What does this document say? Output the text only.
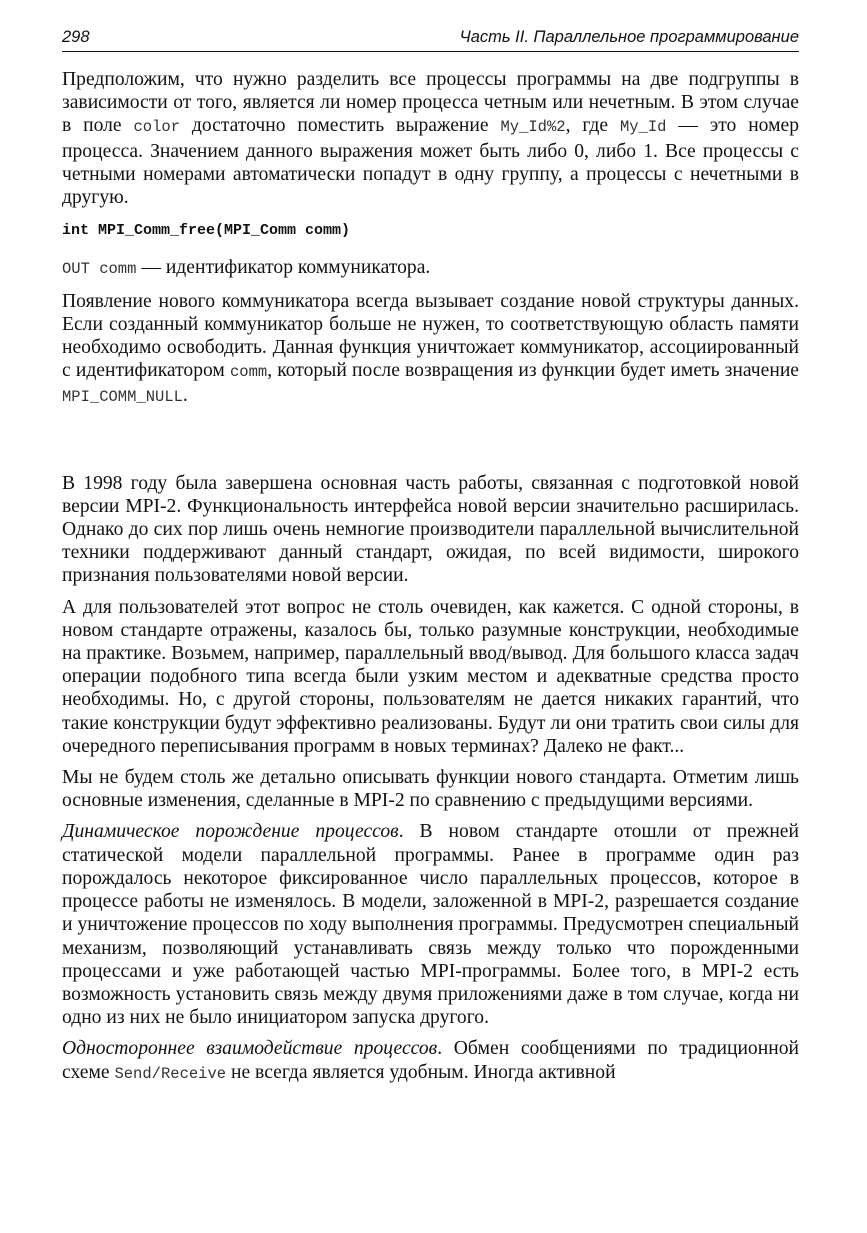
298	Часть II. Параллельное программирование

Предположим, что нужно разделить все процессы программы на две подгруппы в зависимости от того, является ли номер процесса четным или нечетным. В этом случае в поле color достаточно поместить выражение My_Id%2, где My_Id — это номер процесса. Значением данного выражения может быть либо 0, либо 1. Все процессы с четными номерами автоматически попадут в одну группу, а процессы с нечетными в другую.

int MPI_Comm_free(MPI_Comm comm)

OUT comm — идентификатор коммуникатора.

Появление нового коммуникатора всегда вызывает создание новой структуры данных. Если созданный коммуникатор больше не нужен, то соответствующую область памяти необходимо освободить. Данная функция уничтожает коммуникатор, ассоциированный с идентификатором comm, который после возвращения из функции будет иметь значение MPI_COMM_NULL.

В 1998 году была завершена основная часть работы, связанная с подготовкой новой версии MPI-2. Функциональность интерфейса новой версии значительно расширилась. Однако до сих пор лишь очень немногие производители параллельной вычислительной техники поддерживают данный стандарт, ожидая, по всей видимости, широкого признания пользователями новой версии.

А для пользователей этот вопрос не столь очевиден, как кажется. С одной стороны, в новом стандарте отражены, казалось бы, только разумные конструкции, необходимые на практике. Возьмем, например, параллельный ввод/вывод. Для большого класса задач операции подобного типа всегда были узким местом и адекватные средства просто необходимы. Но, с другой стороны, пользователям не дается никаких гарантий, что такие конструкции будут эффективно реализованы. Будут ли они тратить свои силы для очередного переписывания программ в новых терминах? Далеко не факт...

Мы не будем столь же детально описывать функции нового стандарта. Отметим лишь основные изменения, сделанные в MPI-2 по сравнению с предыдущими версиями.

Динамическое порождение процессов. В новом стандарте отошли от прежней статической модели параллельной программы. Ранее в программе один раз порождалось некоторое фиксированное число параллельных процессов, которое в процессе работы не изменялось. В модели, заложенной в MPI-2, разрешается создание и уничтожение процессов по ходу выполнения программы. Предусмотрен специальный механизм, позволяющий устанавливать связь между только что порожденными процессами и уже работающей частью MPI-программы. Более того, в MPI-2 есть возможность установить связь между двумя приложениями даже в том случае, когда ни одно из них не было инициатором запуска другого.

Одностороннее взаимодействие процессов. Обмен сообщениями по традиционной схеме Send/Receive не всегда является удобным. Иногда активной
